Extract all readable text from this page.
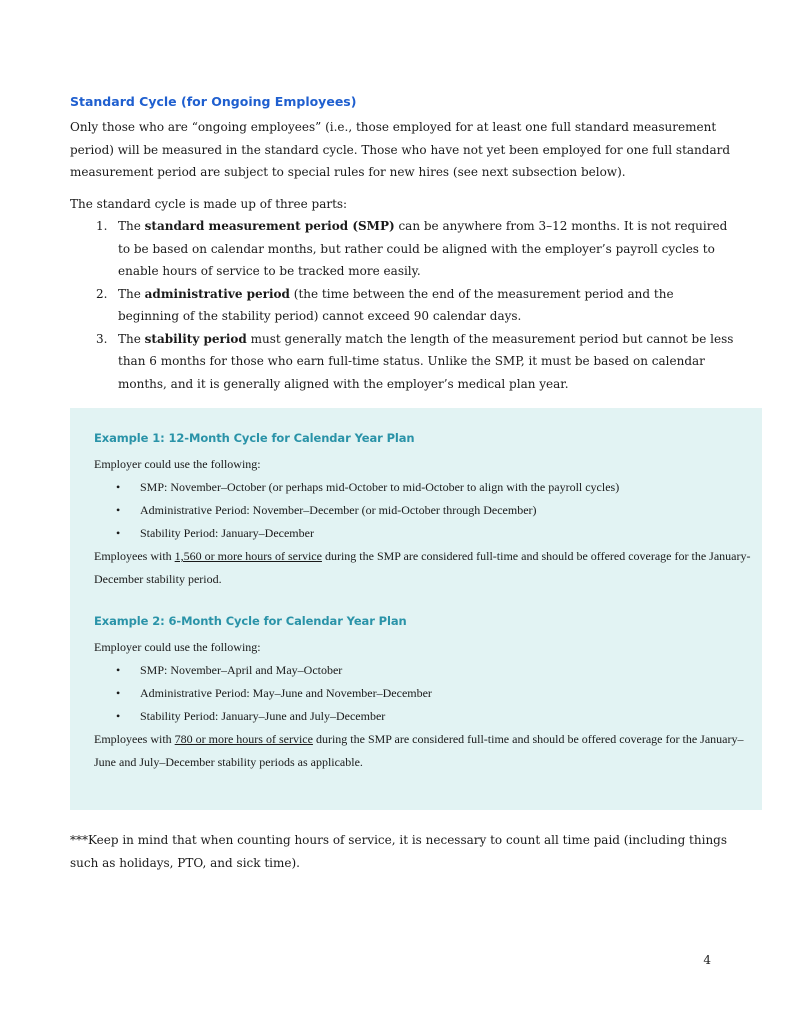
Standard Cycle (for Ongoing Employees)

Only those who are “ongoing employees” (i.e., those employed for at least one full standard measurement period) will be measured in the standard cycle. Those who have not yet been employed for one full standard measurement period are subject to special rules for new hires (see next subsection below).

The standard cycle is made up of three parts:

1. The standard measurement period (SMP) can be anywhere from 3–12 months. It is not required to be based on calendar months, but rather could be aligned with the employer’s payroll cycles to enable hours of service to be tracked more easily.
2. The administrative period (the time between the end of the measurement period and the beginning of the stability period) cannot exceed 90 calendar days.
3. The stability period must generally match the length of the measurement period but cannot be less than 6 months for those who earn full-time status. Unlike the SMP, it must be based on calendar months, and it is generally aligned with the employer’s medical plan year.
Example 1: 12-Month Cycle for Calendar Year Plan

Employer could use the following:

• SMP: November–October (or perhaps mid-October to mid-October to align with the payroll cycles)
• Administrative Period: November–December (or mid-October through December)
• Stability Period: January–December

Employees with 1,560 or more hours of service during the SMP are considered full-time and should be offered coverage for the January-December stability period.

Example 2: 6-Month Cycle for Calendar Year Plan

Employer could use the following:

• SMP: November–April and May–October
• Administrative Period: May–June and November–December
• Stability Period: January–June and July–December

Employees with 780 or more hours of service during the SMP are considered full-time and should be offered coverage for the January–June and July–December stability periods as applicable.

***Keep in mind that when counting hours of service, it is necessary to count all time paid (including things such as holidays, PTO, and sick time).

4
